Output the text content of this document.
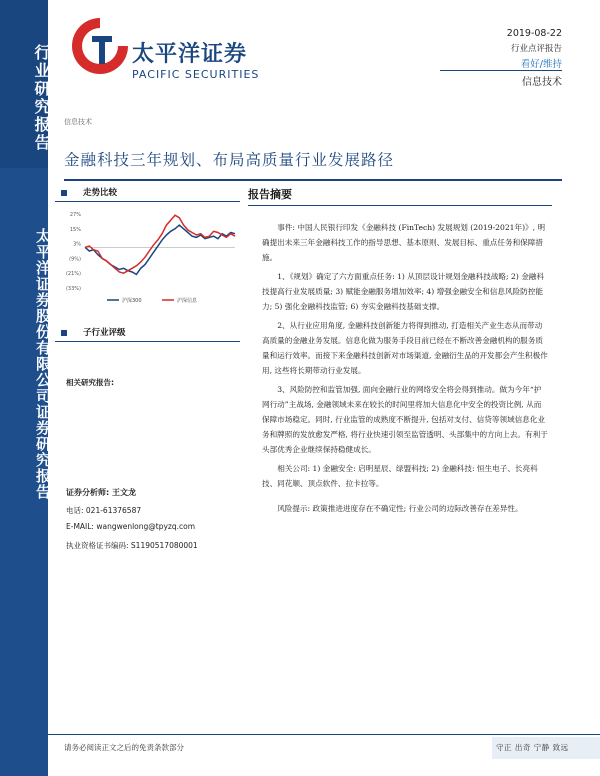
行业研究报告
太平洋证券股份有限公司证券研究报告
太平洋证券
PACIFIC SECURITIES
2019-08-22
行业点评报告
看好/维持
信息技术
信息技术
金融科技三年规划、布局高质量行业发展路径
走势比较
27%
15%
3%
(9%)
(21%)
(33%)
沪深300	沪深信息
子行业评级
相关研究报告:
证券分析师: 王文龙
电话: 021-61376587
E-MAIL: wangwenlong@tpyzq.com
执业资格证书编码: S1190517080001
报告摘要

事件: 中国人民银行印发《金融科技 (FinTech) 发展规划 (2019-2021年)》, 明确提出未来三年金融科技工作的指导思想、基本原则、发展目标、重点任务和保障措施。

1、《规划》确定了六方面重点任务: 1) 从顶层设计规划金融科技战略; 2) 金融科技提高行业发展质量; 3) 赋能金融服务增加效率; 4) 增强金融安全和信息风险防控能力; 5) 强化金融科技监管; 6) 夯实金融科技基础支撑。

2、从行业应用角度, 金融科技创新能力将得到推动, 打造相关产业生态从而带动高质量的金融业务发展。信息化做为服务手段目前已经在不断改善金融机构的服务质量和运行效率。而接下来金融科技创新对市场渠道, 金融衍生品的开发都会产生积极作用, 这些将长期带动行业发展。

3、风险防控和监管加强, 面向金融行业的网络安全将会得到推动。做为今年“护网行动”主战场, 金融领域未来在较长的时间里将加大信息化中安全的投资比例, 从而保障市场稳定。同时, 行业监管的成熟度不断提升, 包括对支付、信贷等领域信息化业务和牌照的发放愈发严格, 将行业快速引领至监管透明、头部集中的方向上去。有利于头部优秀企业继续保持稳健成长。

相关公司: 1) 金融安全: 启明星辰、绿盟科技; 2) 金融科技: 恒生电子、长亮科技、同花顺、顶点软件、拉卡拉等。

风险提示: 政策推进进度存在不确定性; 行业公司的边际改善存在差异性。

请务必阅读正文之后的免责条款部分	守正 出奇 宁静 致远
